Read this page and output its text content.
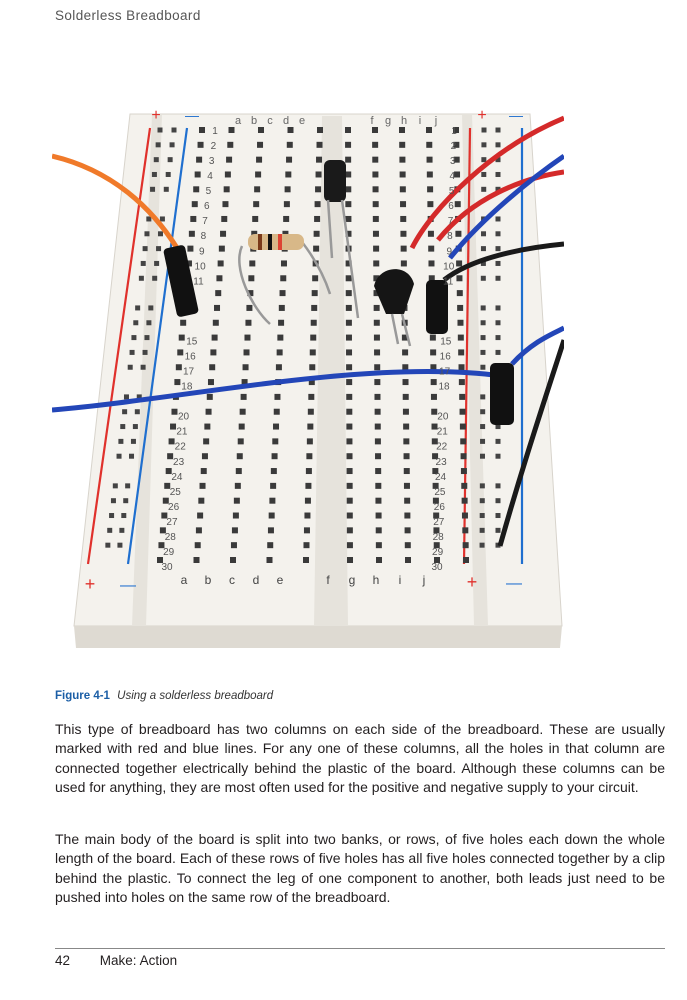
Solderless Breadboard
a
a
b
b
c
c
d
d
e
e
f
f
g
g
h
h
i
i
j
j
1	1
2	2
3	3
4	4
5	5
6	6
7	7
8	8
9	9
10	10
11	11
15	15
16	16
17	17
18	18
20	20
21	21
22	22
23	23
24	24
25	25
26	26
27	27
28	28
29	29
30	30
+ —	+ —
+ —	+ —
Figure 4-1 Using a solderless breadboard

This type of breadboard has two columns on each side of the breadboard. These are usually marked with red and blue lines. For any one of these columns, all the holes in that column are connected together electrically behind the plastic of the board. Although these columns can be used for anything, they are most often used for the positive and negative supply to your circuit.

The main body of the board is split into two banks, or rows, of five holes each down the whole length of the board. Each of these rows of five holes has all five holes connected together by a clip behind the plastic. To connect the leg of one component to another, both leads just need to be pushed into holes on the same row of the breadboard.

42 Make: Action
